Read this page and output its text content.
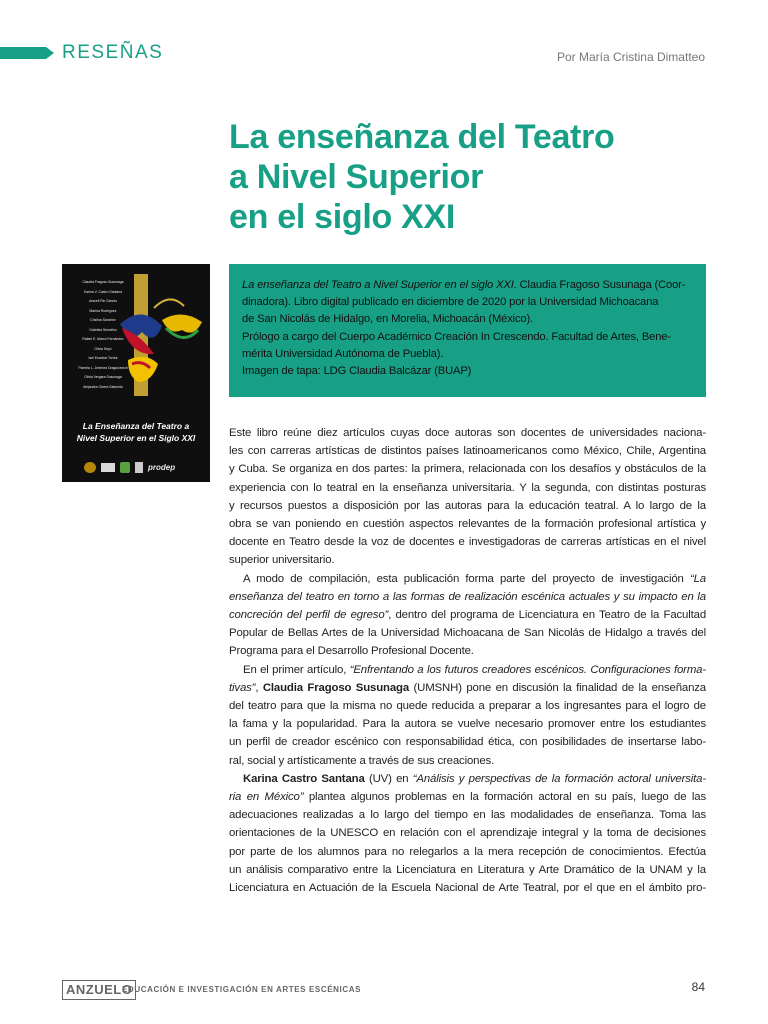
RESEÑAS	Por María Cristina Dimatteo
La enseñanza del Teatro
a Nivel Superior
en el siglo XXI
Claudia Fragoso Susunaga
Karina V. Castro Santana
Araceli Ric Garces
Marina Rodríguez
Cristina Sánchez
Gabriela Serrafino
Rafael E. Marcó Fernández
Olivia Seyo
Isel Escobar Torres
Pamela L. Jiménez Draguicevich
Olivia Vergara Susunaga
Alejandra Olvera Saburido
La Enseñanza del Teatro a
Nivel Superior en el Siglo XXI
prodep

La enseñanza del Teatro a Nivel Superior en el siglo XXI. Claudia Fragoso Susunaga (Coor-

dinadora). Libro digital publicado en diciembre de 2020 por la Universidad Michoacana

de San Nicolás de Hidalgo, en Morelia, Michoacán (México).

Prólogo a cargo del Cuerpo Académico Creación In Crescendo. Facultad de Artes, Bene-

mérita Universidad Autónoma de Puebla).

Imagen de tapa: LDG Claudia Balcázar (BUAP)

Este libro reúne diez artículos cuyas doce autoras son docentes de universidades naciona-
les con carreras artísticas de distintos países latinoamericanos como México, Chile, Argentina
y Cuba. Se organiza en dos partes: la primera, relacionada con los desafíos y obstáculos de la
experiencia con lo teatral en la enseñanza universitaria. Y la segunda, con distintas posturas
y recursos puestos a disposición por las autoras para la educación teatral. A lo largo de la
obra se van poniendo en cuestión aspectos relevantes de la formación profesional artística y
docente en Teatro desde la voz de docentes e investigadoras de carreras artísticas en el nivel
superior universitario.
A modo de compilación, esta publicación forma parte del proyecto de investigación “La
enseñanza del teatro en torno a las formas de realización escénica actuales y su impacto en la
concreción del perfil de egreso”, dentro del programa de Licenciatura en Teatro de la Facultad
Popular de Bellas Artes de la Universidad Michoacana de San Nicolás de Hidalgo a través del
Programa para el Desarrollo Profesional Docente.
En el primer artículo, “Enfrentando a los futuros creadores escénicos. Configuraciones forma-
tivas”, Claudia Fragoso Susunaga (UMSNH) pone en discusión la finalidad de la enseñanza
del teatro para que la misma no quede reducida a preparar a los ingresantes para el logro de
la fama y la popularidad. Para la autora se vuelve necesario promover entre los estudiantes
un perfil de creador escénico con responsabilidad ética, con posibilidades de insertarse labo-
ral, social y artísticamente a través de sus creaciones.
Karina Castro Santana (UV) en “Análisis y perspectivas de la formación actoral universita-
ria en México” plantea algunos problemas en la formación actoral en su país, luego de las
adecuaciones realizadas a lo largo del tiempo en las modalidades de enseñanza. Toma las
orientaciones de la UNESCO en relación con el aprendizaje integral y la toma de decisiones
por parte de los alumnos para no relegarlos a la mera recepción de conocimientos. Efectúa
un análisis comparativo entre la Licenciatura en Literatura y Arte Dramático de la UNAM y la
Licenciatura en Actuación de la Escuela Nacional de Arte Teatral, por el que en el ámbito pro-
ANZUELO
EDUCACIÓN E INVESTIGACIÓN EN ARTES ESCÉNICAS	84
